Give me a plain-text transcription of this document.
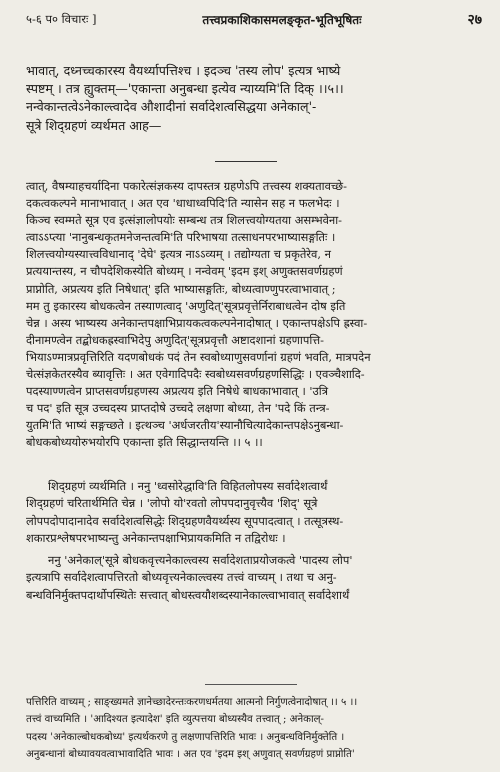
५-६ प० विचारः ]	तत्त्वप्रकाशिकासमलङ्कृत-भूतिभूषितः	२७
भावात्, दध्नच्चकारस्य वैयर्थ्यापत्तिश्च । इदञ्च 'तस्य लोप' इत्यत्र भाष्ये
स्पष्टम् । तत्र ह्युक्तम्—'एकान्ता अनुबन्धा इत्येव न्याय्यमि'ति दिक् ।।५।।
नन्वेकान्तत्वेऽनेकाल्त्वादेव औशादीनां सर्वादेशत्वसिद्धया अनेकाल्'-
सूत्रे शिद्ग्रहणं व्यर्थमत आह—
त्वात्, वैषम्याहचर्यादिना पकारेत्संज्ञकस्य दापस्तत्र ग्रहणेऽपि तत्त्वस्य शक्यतावच्छे-
दकत्वकल्पने मानाभावात् । अत एव 'धाधाध्वपिदि'ति न्यासेन सह न फलभेदः ।
किञ्च स्वम्मते सूत्र एव इत्संज्ञालोपयोः सम्बन्ध तत्र शिलत्त्वयोग्यतया असम्भवेना-
त्वाऽऽप्त्या 'नानुबन्धकृतमनेजन्तत्वमि'ति परिभाषया तत्साधनपरभाष्यासङ्गतिः ।
शिलत्त्वयोग्यस्यात्त्वविधानाद् 'देघे' इत्यत्र नाऽऽव्यम् । तद्योग्यता च प्रकृतेरेव, न
प्रत्ययान्तस्य, न चौपदेशिकस्येति बोध्यम् । नन्वेवम् 'इदम इश् अणुक्तसवर्णग्रहणं
प्राप्नोति, अप्रत्यय इति निषेधात्' इति भाष्यासङ्गतिः, बोध्यत्वाण्णुपरत्वाभावात् ;
मम तु इकारस्य बोधकत्वेन तस्याणत्वाद् 'अणुदित्'सूत्रप्रवृत्तेर्निराबाधत्वेन दोष इति
चेन्न । अस्य भाष्यस्य अनेकान्तपक्षाभिप्रायकत्वकल्पनेनादोषात् । एकान्तपक्षेऽपि ह्रस्वा-
दीनामण्त्वेन तद्बोधकह्रस्वाभिदेपु अणुदित्'सूत्रप्रवृत्तौ अष्टादशानां ग्रहणापत्ति-
भियाऽण्मात्रप्रवृत्तिरिति यदणबोधकं पदं तेन स्वबोध्याणुसवर्णानां ग्रहणं भवति, मात्रपदेन
चेत्संज्ञकेतरस्यैव ब्यावृत्तिः । अत एवेगादिपदैः स्वबोध्यसवर्णग्रहणसिद्धिः । एवञ्चैशादि-
पदस्याण्णत्वेन प्राप्तसवर्णग्रहणस्य अप्रत्यय इति निषेधे बाधकाभावात् । 'उत्रि
च पद' इति सूत्र उच्चदस्य प्राप्तदोषे उच्चदे लक्षणा बोध्या, तेन 'पदे किं तन्त्र-
युतमि'ति भाष्यं सङ्गच्छते । इत्थञ्च 'अर्धजरतीय'स्यानौचित्यादेकान्तपक्षेऽनुबन्धा-
बोधकबोध्ययोरुभयोरपि एकान्ता इति सिद्धान्तयन्ति ।। ५ ।।
शिद्ग्रहणं व्यर्थमिति । ननु 'ध्वसोरेद्धावि'ति विहितलोपस्य सर्वादेशत्वार्थं
शिद्ग्रहणं चरितार्थमिति चेन्न । 'लोपो यो'रवतो लोपपदानुवृत्त्यैव 'शिद्' सूत्रे
लोपपदोपादानादेव सर्वादेशत्वसिद्धेः शिद्ग्रहणवैयर्थ्यस्य सूपपादत्वात् । तत्सूत्रस्थ-
शकारप्रश्लेषपरभाष्यन्तु अनेकान्तपक्षाभिप्रायकमिति न तद्विरोधः ।
ननु 'अनेकाल्'सूत्रे बोधकवृत्त्यनेकाल्त्वस्य सर्वादेशताप्रयोजकत्वे 'पादस्य लोप'
इत्यत्रापि सर्वादेशत्वापत्तिरतो बोध्यवृत्त्यनेकाल्त्वस्य तत्त्वं वाच्यम् । तथा च अनु-
बन्धविनिर्मुक्तपदार्थोपस्थितेः सत्त्वात् बोधस्त्वयौशब्दस्यानेकाल्त्वाभावात् सर्वादेशार्थं
पत्तिरिति वाच्यम् ; साङ्ख्यमते ज्ञानेच्छादेरन्तःकरणधर्मतया आत्मनो निर्गुणत्वेनादोषात् ।। ५ ।।
तत्त्वं वाच्यमिति । 'आदिश्यत इत्यादेश' इति व्युत्पत्तया बोध्यस्यैव तत्त्वात् ; अनेकाल्-
पदस्य 'अनेकाल्बोधकबोध्य' इत्यर्थकरणे तु लक्षणापत्तिरिति भावः । अनुबन्धविनिर्मुक्तेति ।
अनुबन्धानां बोध्यावयवत्वाभावादिति भावः । अत एव 'इदम इश् अणुवात् सवर्णग्रहणं प्राप्नोति'
